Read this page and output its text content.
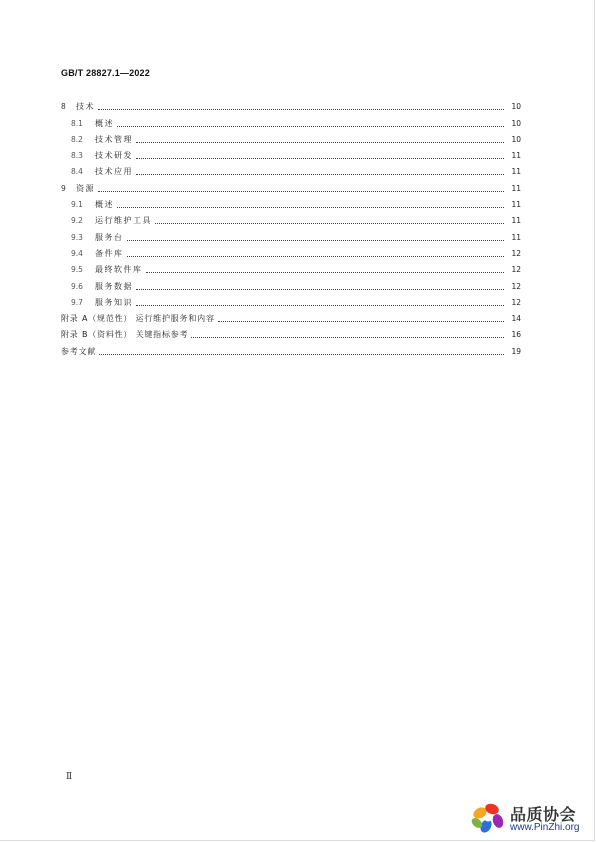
GB/T 28827.1—2022
8	技术	10
8.1	概述	10
8.2	技术管理	10
8.3	技术研发	11
8.4	技术应用	11
9	资源	11
9.1	概述	11
9.2	运行维护工具	11
9.3	服务台	11
9.4	备件库	12
9.5	最终软件库	12
9.6	服务数据	12
9.7	服务知识	12
附录 A（规范性） 运行维护服务和内容	14
附录 B（资料性） 关键指标参考	16
参考文献	19
Ⅱ
品质协会
www.PinZhi.org
